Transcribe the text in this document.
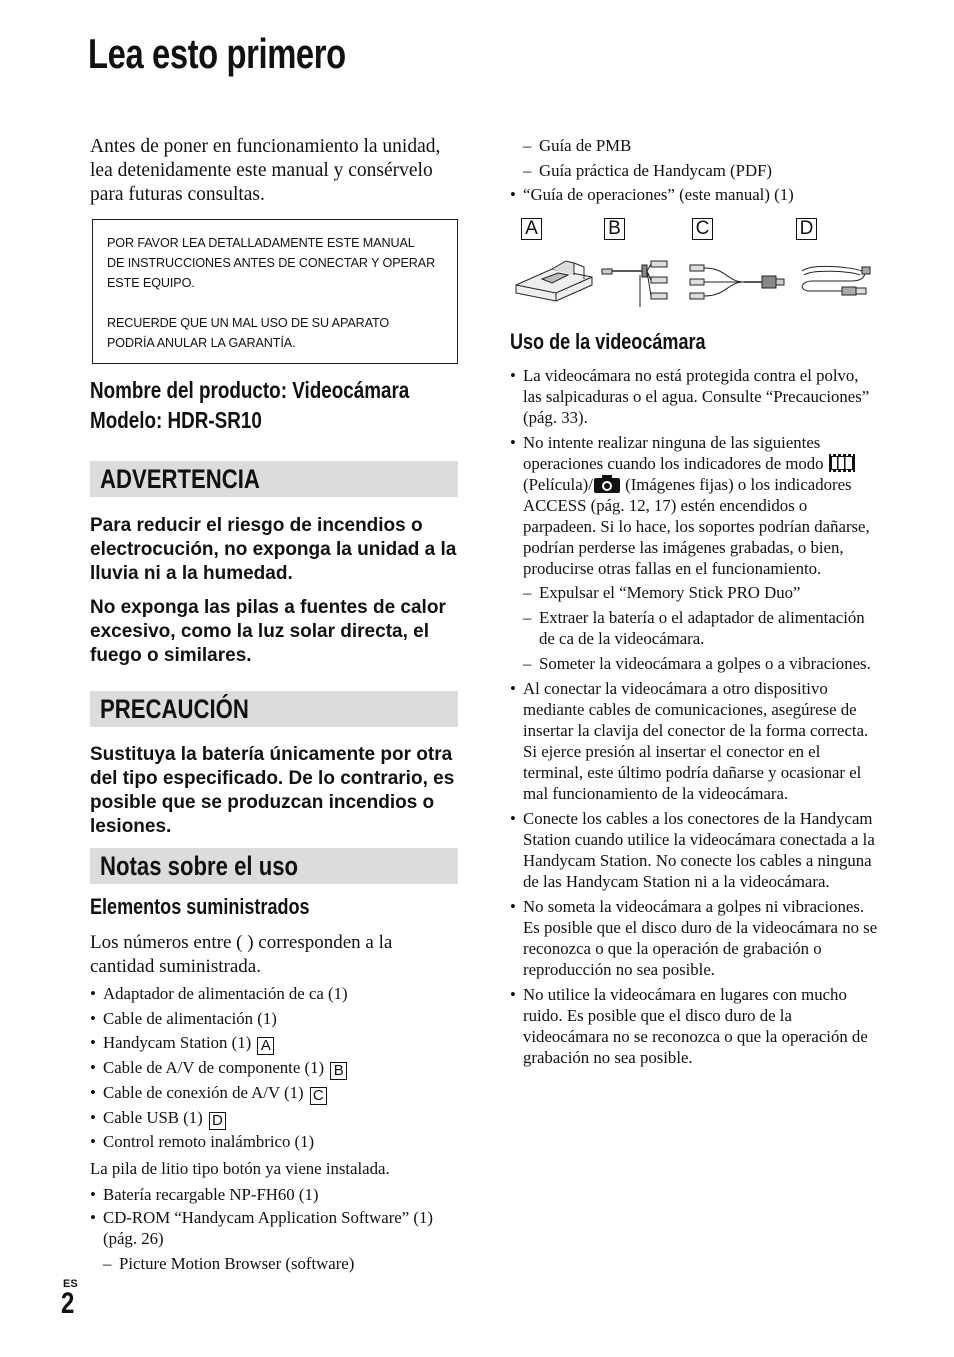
Lea esto primero
Antes de poner en funcionamiento la unidad, lea detenidamente este manual y consérvelo para futuras consultas.

POR FAVOR LEA DETALLADAMENTE ESTE MANUAL

DE INSTRUCCIONES ANTES DE CONECTAR Y OPERAR

ESTE EQUIPO.

RECUERDE QUE UN MAL USO DE SU APARATO

PODRÍA ANULAR LA GARANTÍA.

Nombre del producto: Videocámara
Modelo: HDR-SR10
ADVERTENCIA

Para reducir el riesgo de incendios o electrocución, no exponga la unidad a la lluvia ni a la humedad.

No exponga las pilas a fuentes de calor excesivo, como la luz solar directa, el fuego o similares.

PRECAUCIÓN

Sustituya la batería únicamente por otra del tipo especificado. De lo contrario, es posible que se produzcan incendios o lesiones.

Notas sobre el uso
Elementos suministrados
Los números entre ( ) corresponden a la cantidad suministrada.
• Adaptador de alimentación de ca (1)
• Cable de alimentación (1)
• Handycam Station (1) A
• Cable de A/V de componente (1) B
• Cable de conexión de A/V (1) C
• Cable USB (1) D
• Control remoto inalámbrico (1)
La pila de litio tipo botón ya viene instalada.
• Batería recargable NP-FH60 (1)
• CD-ROM “Handycam Application Software” (1) (pág. 26)
– Picture Motion Browser (software)
– Guía de PMB
– Guía práctica de Handycam (PDF)
• “Guía de operaciones” (este manual) (1)
A	B	C	D
Uso de la videocámara
• La videocámara no está protegida contra el polvo, las salpicaduras o el agua. Consulte “Precauciones” (pág. 33).
• No intente realizar ninguna de las siguientes operaciones cuando los indicadores de modo  (Película)/ (Imágenes fijas) o los indicadores ACCESS (pág. 12, 17) estén encendidos o parpadeen. Si lo hace, los soportes podrían dañarse, podrían perderse las imágenes grabadas, o bien, producirse otras fallas en el funcionamiento.
– Expulsar el “Memory Stick PRO Duo”
– Extraer la batería o el adaptador de alimentación de ca de la videocámara.
– Someter la videocámara a golpes o a vibraciones.
• Al conectar la videocámara a otro dispositivo mediante cables de comunicaciones, asegúrese de insertar la clavija del conector de la forma correcta. Si ejerce presión al insertar el conector en el terminal, este último podría dañarse y ocasionar el mal funcionamiento de la videocámara.
• Conecte los cables a los conectores de la Handycam Station cuando utilice la videocámara conectada a la Handycam Station. No conecte los cables a ninguna de las Handycam Station ni a la videocámara.
• No someta la videocámara a golpes ni vibraciones. Es posible que el disco duro de la videocámara no se reconozca o que la operación de grabación o reproducción no sea posible.
• No utilice la videocámara en lugares con mucho ruido. Es posible que el disco duro de la videocámara no se reconozca o que la operación de grabación no sea posible.
ES
2
